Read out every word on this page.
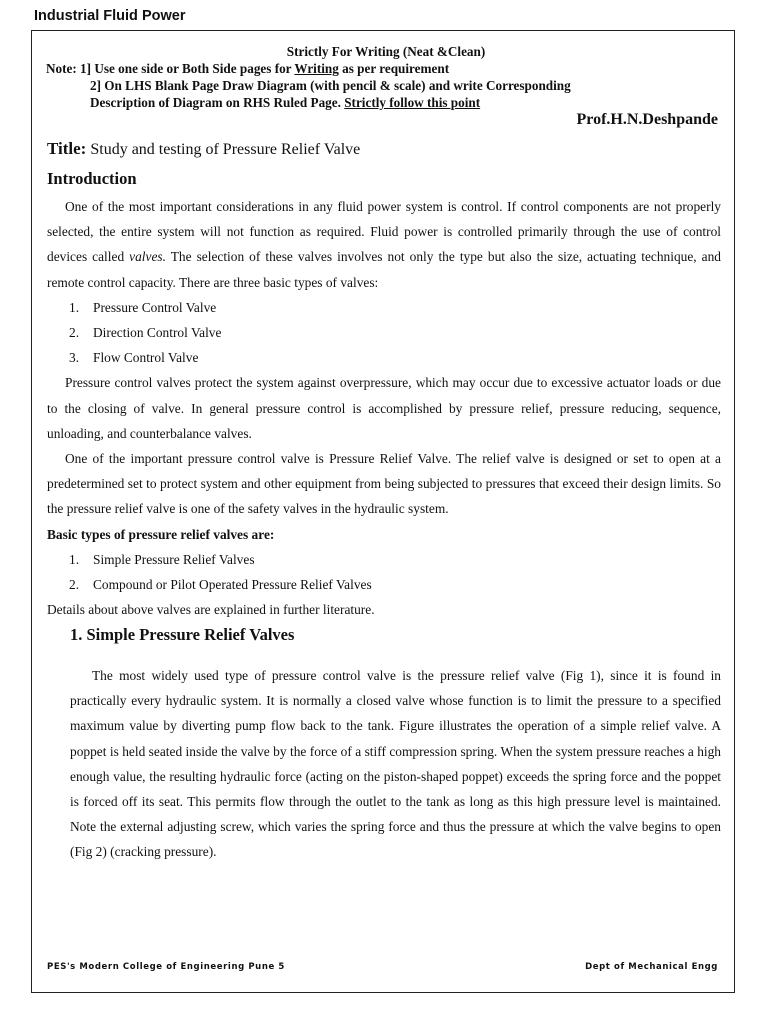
Industrial Fluid Power
Strictly For Writing (Neat &Clean)
Note: 1] Use one side or Both Side pages for Writing as per requirement
2] On LHS Blank Page Draw Diagram (with pencil & scale) and write Corresponding
Description of Diagram on RHS Ruled Page. Strictly follow this point
Prof.H.N.Deshpande
Title: Study and testing of Pressure Relief Valve
Introduction

One of the most important considerations in any fluid power system is control. If control components are not properly selected, the entire system will not function as required. Fluid power is controlled primarily through the use of control devices called valves. The selection of these valves involves not only the type but also the size, actuating technique, and remote control capacity. There are three basic types of valves:

1. Pressure Control Valve

2. Direction Control Valve

3. Flow Control Valve

Pressure control valves protect the system against overpressure, which may occur due to excessive actuator loads or due to the closing of valve. In general pressure control is accomplished by pressure relief, pressure reducing, sequence, unloading, and counterbalance valves.

One of the important pressure control valve is Pressure Relief Valve. The relief valve is designed or set to open at a predetermined set to protect system and other equipment from being subjected to pressures that exceed their design limits. So the pressure relief valve is one of the safety valves in the hydraulic system.

Basic types of pressure relief valves are:

1. Simple Pressure Relief Valves

2. Compound or Pilot Operated Pressure Relief Valves

Details about above valves are explained in further literature.

1. Simple Pressure Relief Valves

The most widely used type of pressure control valve is the pressure relief valve (Fig 1), since it is found in practically every hydraulic system. It is normally a closed valve whose function is to limit the pressure to a specified maximum value by diverting pump flow back to the tank. Figure illustrates the operation of a simple relief valve. A poppet is held seated inside the valve by the force of a stiff compression spring. When the system pressure reaches a high enough value, the resulting hydraulic force (acting on the piston-shaped poppet) exceeds the spring force and the poppet is forced off its seat. This permits flow through the outlet to the tank as long as this high pressure level is maintained. Note the external adjusting screw, which varies the spring force and thus the pressure at which the valve begins to open (Fig 2) (cracking pressure).

PES's Modern College of Engineering Pune 5	Dept of Mechanical Engg
